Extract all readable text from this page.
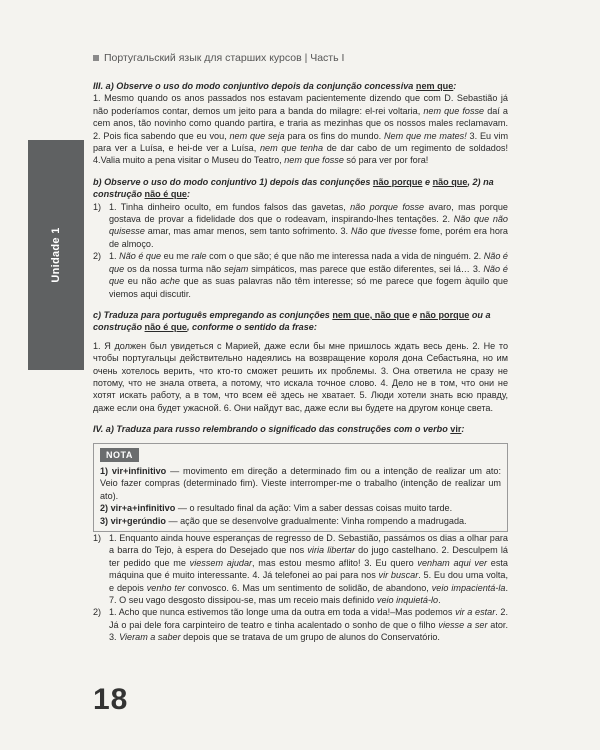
Португальский язык для старших курсов | Часть I
Unidade 1

III. a) Observe o uso do modo conjuntivo depois da conjunção concessiva nem que:

1. Mesmo quando os anos passados nos estavam pacientemente dizendo que com D. Sebastião já não poderíamos contar, demos um jeito para a banda do milagre: el-rei voltaria, nem que fosse daí a cem anos, tão novinho como quando partira, e traria as mezinhas que os nossos males reclamavam. 2. Pois fica sabendo que eu vou, nem que seja para os fins do mundo. Nem que me mates! 3. Eu vim para ver a Luísa, e hei-de ver a Luísa, nem que tenha de dar cabo de um regimento de soldados! 4.Valia muito a pena visitar o Museu do Teatro, nem que fosse só para ver por fora!

b) Observe o uso do modo conjuntivo 1) depois das conjunções não porque e não que, 2) na construção não é que:

1) 1. Tinha dinheiro oculto, em fundos falsos das gavetas, não porque fosse avaro, mas porque gostava de provar a fidelidade dos que o rodeavam, inspirando-lhes tentações. 2. Não que não quisesse amar, mas amar menos, sem tanto sofrimento. 3. Não que tivesse fome, porém era hora de almoço.
2) 1. Não é que eu me rale com o que são; é que não me interessa nada a vida de ninguém. 2. Não é que os da nossa turma não sejam simpáticos, mas parece que estão diferentes, sei lá… 3. Não é que eu não ache que as suas palavras não têm interesse; só me parece que fogem àquilo que viemos aqui discutir.

c) Traduza para português empregando as conjunções nem que, não que e não porque ou a construção não é que, conforme o sentido da frase:

1. Я должен был увидеться с Марией, даже если бы мне пришлось ждать весь день. 2. Не то чтобы португальцы действительно надеялись на возвращение короля дона Себастьяна, но им очень хотелось верить, что кто-то сможет решить их проблемы. 3. Она ответила не сразу не потому, что не знала ответа, а потому, что искала точное слово. 4. Дело не в том, что они не хотят искать работу, а в том, что всем её здесь не хватает. 5. Люди хотели знать всю правду, даже если она будет ужасной. 6. Они найдут вас, даже если вы будете на другом конце света.

IV. a) Traduza para russo relembrando o significado das construções com o verbo vir:

NOTA

1) vir+infinitivo — movimento em direção a determinado fim ou a intenção de realizar um ato: Veio fazer compras (determinado fim). Vieste interromper-me o trabalho (intenção de realizar um ato).

2) vir+a+infinitivo — o resultado final da ação: Vim a saber dessas coisas muito tarde.

3) vir+gerúndio — ação que se desenvolve gradualmente: Vinha rompendo a madrugada.

1) 1. Enquanto ainda houve esperanças de regresso de D. Sebastião, passámos os dias a olhar para a barra do Tejo, à espera do Desejado que nos viria libertar do jugo castelhano. 2. Desculpem lá ter pedido que me viessem ajudar, mas estou mesmo aflito! 3. Eu quero venham aqui ver esta máquina que é muito interessante. 4. Já telefonei ao pai para nos vir buscar. 5. Eu dou uma volta, e depois venho ter convosco. 6. Mas um sentimento de solidão, de abandono, veio impacientá-la. 7. O seu vago desgosto dissipou-se, mas um receio mais definido veio inquietá-lo.
2) 1. Acho que nunca estivemos tão longe uma da outra em toda a vida!–Mas podemos vir a estar. 2. Já o pai dele fora carpinteiro de teatro e tinha acalentado o sonho de que o filho viesse a ser ator. 3. Vieram a saber depois que se tratava de um grupo de alunos do Conservatório.
18
